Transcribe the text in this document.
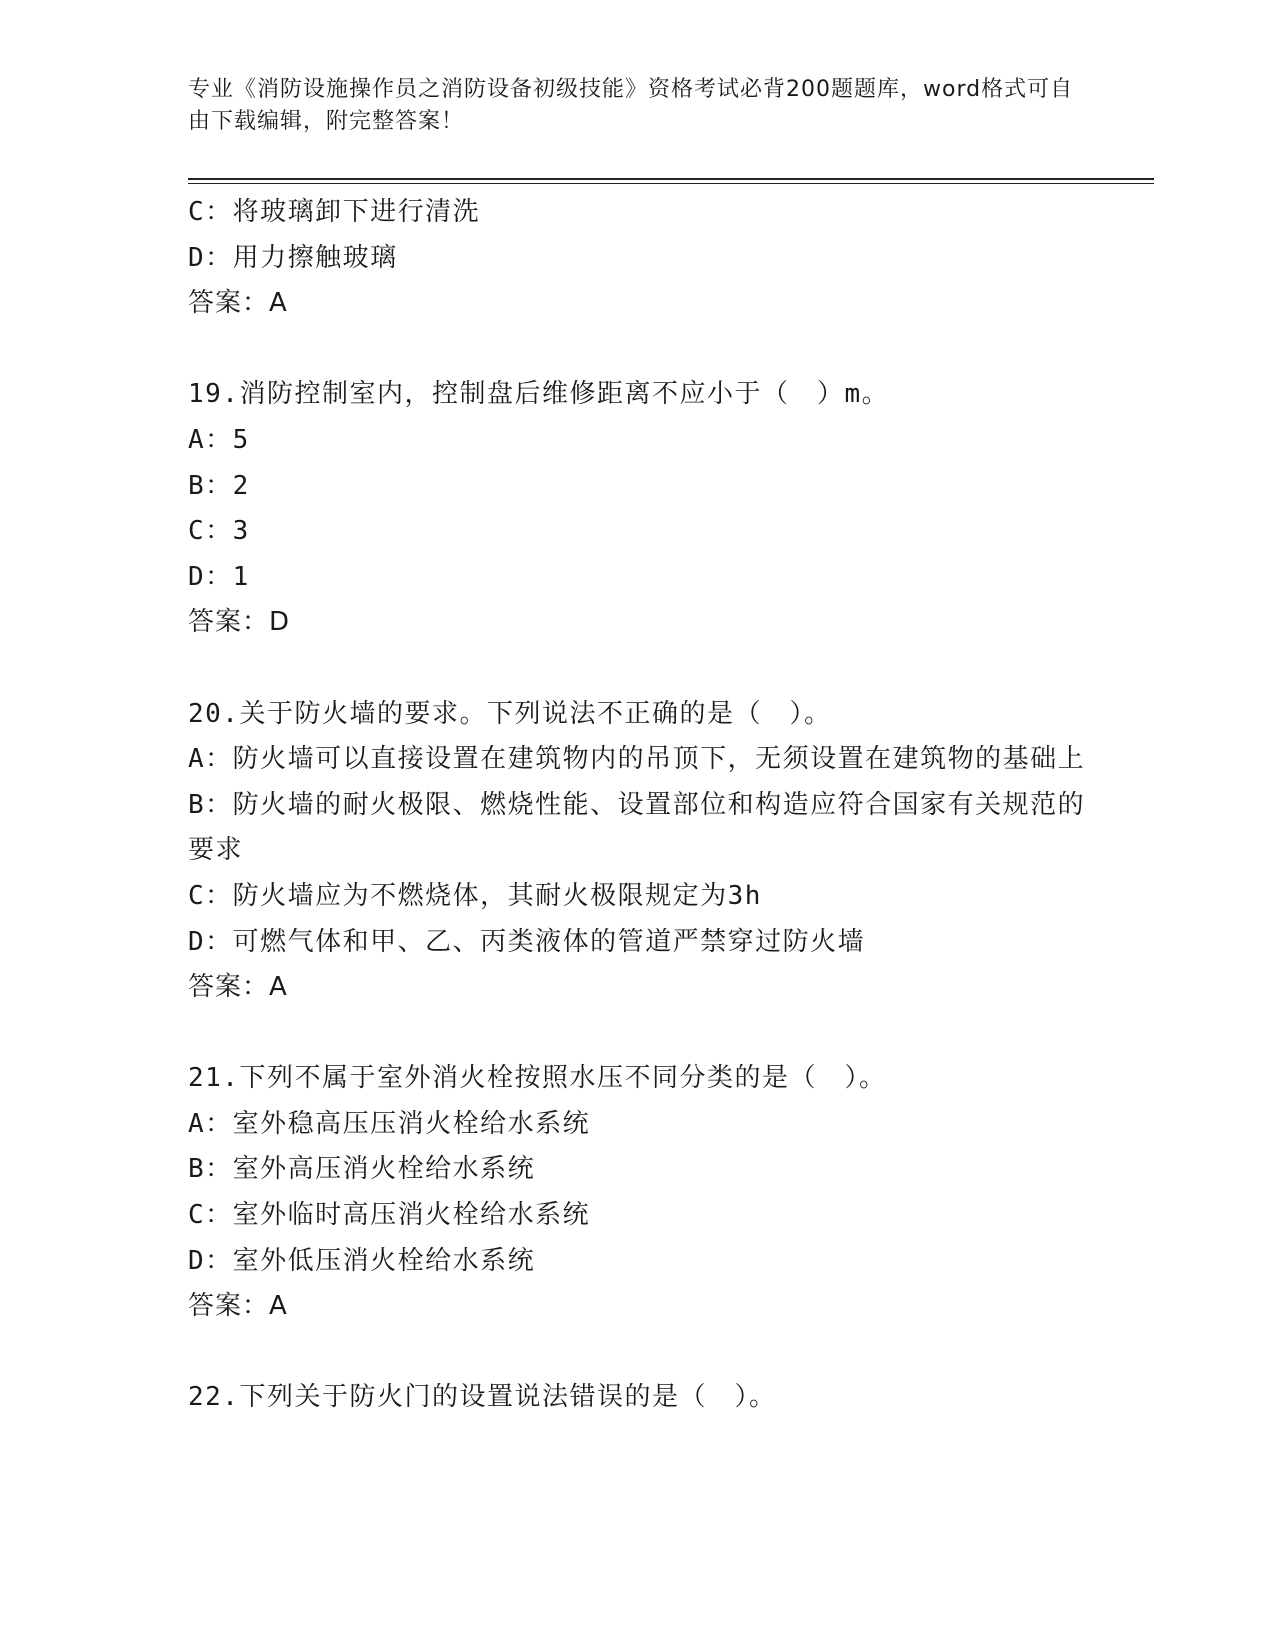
专业《消防设施操作员之消防设备初级技能》资格考试必背200题题库，word格式可自由下载编辑，附完整答案！
C：将玻璃卸下进行清洗
D：用力擦触玻璃
答案：A
19.消防控制室内，控制盘后维修距离不应小于（　）m。
A：5
B：2
C：3
D：1
答案：D
20.关于防火墙的要求。下列说法不正确的是（　）。
A：防火墙可以直接设置在建筑物内的吊顶下，无须设置在建筑物的基础上
B：防火墙的耐火极限、燃烧性能、设置部位和构造应符合国家有关规范的要求
C：防火墙应为不燃烧体，其耐火极限规定为3h
D：可燃气体和甲、乙、丙类液体的管道严禁穿过防火墙
答案：A
21.下列不属于室外消火栓按照水压不同分类的是（　）。
A：室外稳高压压消火栓给水系统
B：室外高压消火栓给水系统
C：室外临时高压消火栓给水系统
D：室外低压消火栓给水系统
答案：A
22.下列关于防火门的设置说法错误的是（　）。
